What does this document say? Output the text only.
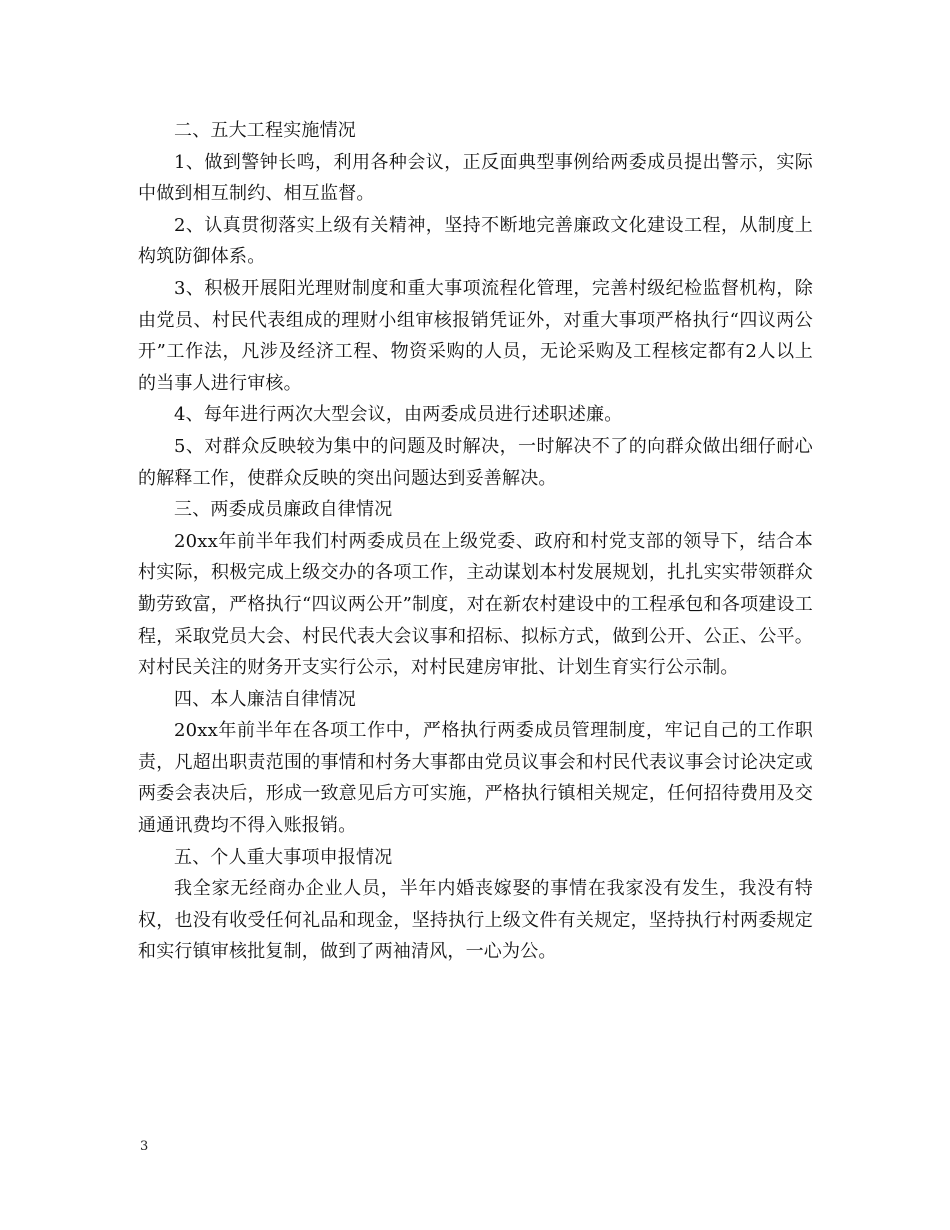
二、五大工程实施情况

1、做到警钟长鸣，利用各种会议，正反面典型事例给两委成员提出警示，实际中做到相互制约、相互监督。

2、认真贯彻落实上级有关精神，坚持不断地完善廉政文化建设工程，从制度上构筑防御体系。

3、积极开展阳光理财制度和重大事项流程化管理，完善村级纪检监督机构，除由党员、村民代表组成的理财小组审核报销凭证外，对重大事项严格执行“四议两公开”工作法，凡涉及经济工程、物资采购的人员，无论采购及工程核定都有2人以上的当事人进行审核。

4、每年进行两次大型会议，由两委成员进行述职述廉。

5、对群众反映较为集中的问题及时解决，一时解决不了的向群众做出细仔耐心的解释工作，使群众反映的突出问题达到妥善解决。

三、两委成员廉政自律情况

20xx年前半年我们村两委成员在上级党委、政府和村党支部的领导下，结合本村实际，积极完成上级交办的各项工作，主动谋划本村发展规划，扎扎实实带领群众勤劳致富，严格执行“四议两公开”制度，对在新农村建设中的工程承包和各项建设工程，采取党员大会、村民代表大会议事和招标、拟标方式，做到公开、公正、公平。对村民关注的财务开支实行公示，对村民建房审批、计划生育实行公示制。

四、本人廉洁自律情况

20xx年前半年在各项工作中，严格执行两委成员管理制度，牢记自己的工作职责，凡超出职责范围的事情和村务大事都由党员议事会和村民代表议事会讨论决定或两委会表决后，形成一致意见后方可实施，严格执行镇相关规定，任何招待费用及交通通讯费均不得入账报销。

五、个人重大事项申报情况

我全家无经商办企业人员，半年内婚丧嫁娶的事情在我家没有发生，我没有特权，也没有收受任何礼品和现金，坚持执行上级文件有关规定，坚持执行村两委规定和实行镇审核批复制，做到了两袖清风，一心为公。

3
